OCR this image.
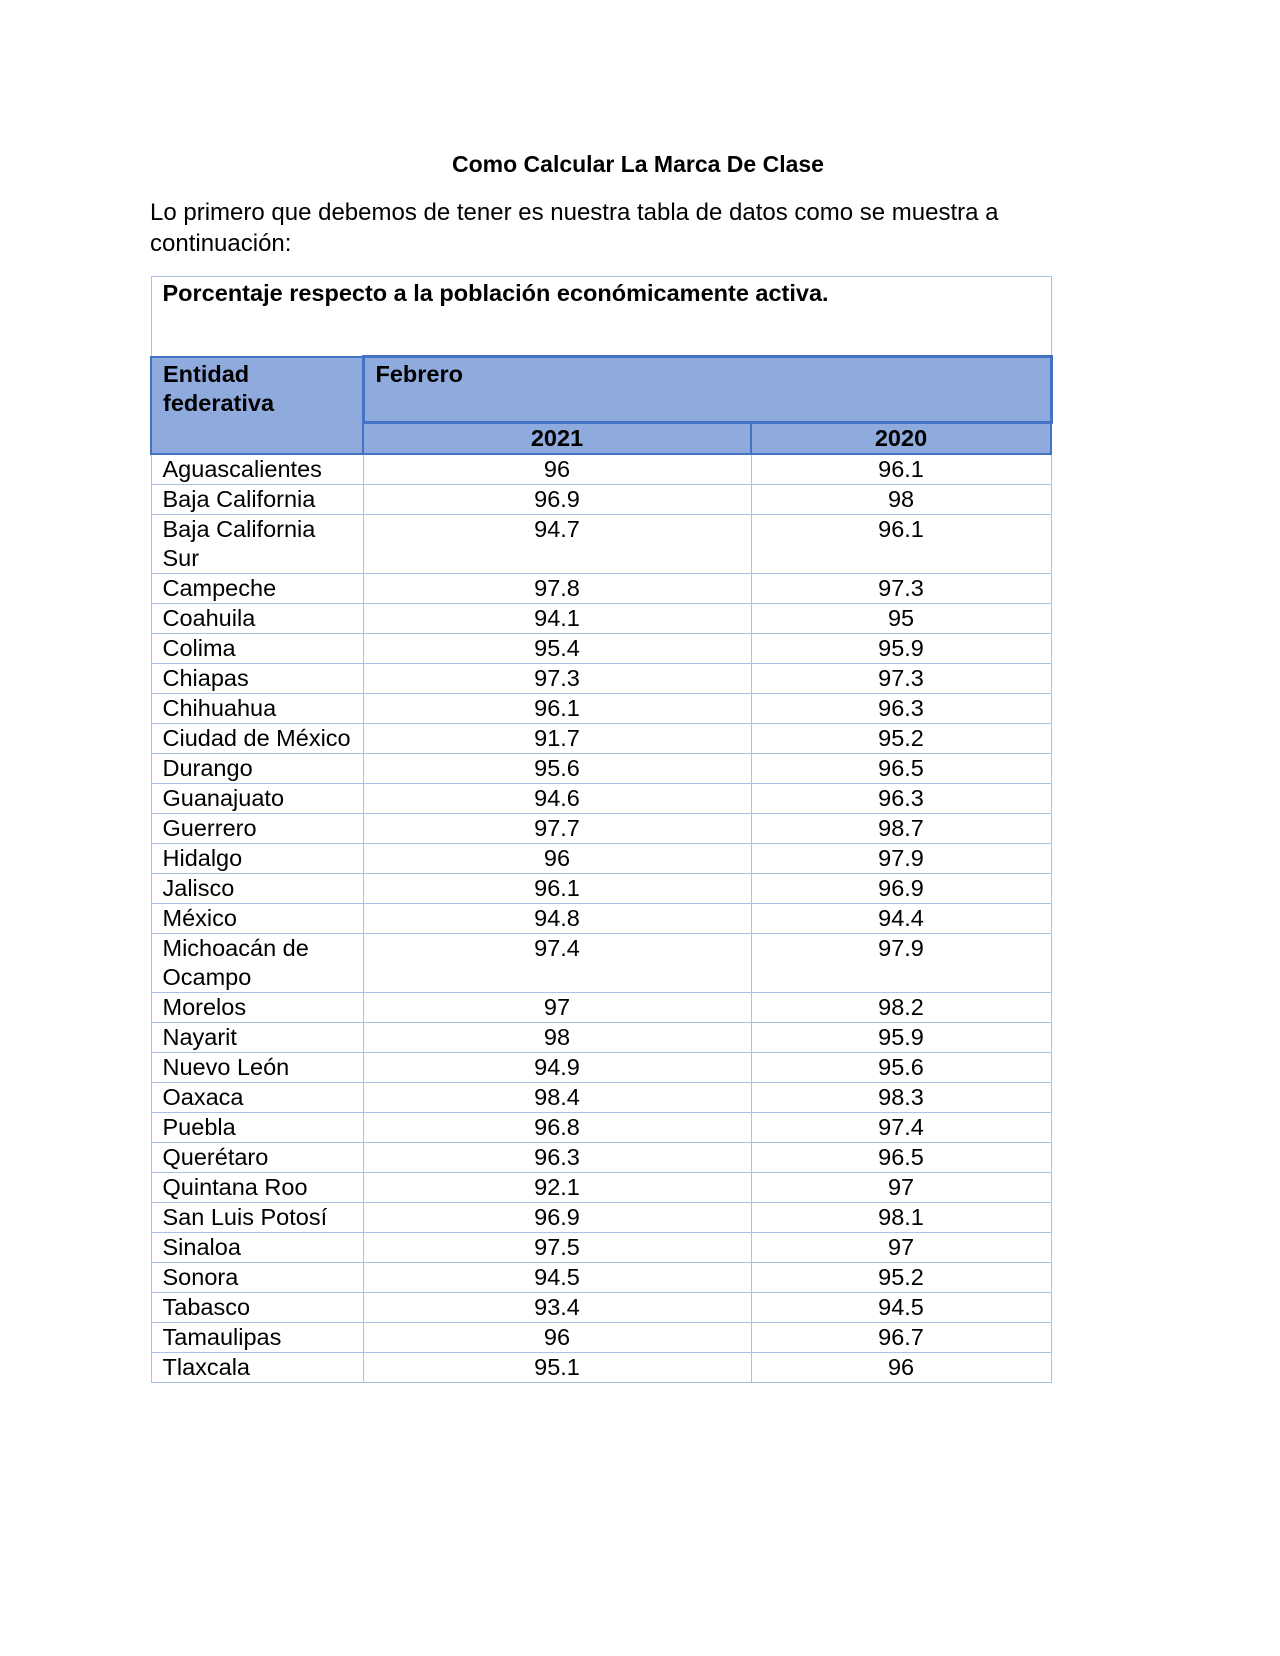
Como Calcular La Marca De Clase
Lo primero que debemos de tener es nuestra tabla de datos como se muestra a continuación:
Porcentaje respecto a la población económicamente activa.		
Entidad federativa	Febrero	
	2021	2020
Aguascalientes	96	96.1
Baja California	96.9	98
Baja California Sur	94.7	96.1
Campeche	97.8	97.3
Coahuila	94.1	95
Colima	95.4	95.9
Chiapas	97.3	97.3
Chihuahua	96.1	96.3
Ciudad de México	91.7	95.2
Durango	95.6	96.5
Guanajuato	94.6	96.3
Guerrero	97.7	98.7
Hidalgo	96	97.9
Jalisco	96.1	96.9
México	94.8	94.4
Michoacán de Ocampo	97.4	97.9
Morelos	97	98.2
Nayarit	98	95.9
Nuevo León	94.9	95.6
Oaxaca	98.4	98.3
Puebla	96.8	97.4
Querétaro	96.3	96.5
Quintana Roo	92.1	97
San Luis Potosí	96.9	98.1
Sinaloa	97.5	97
Sonora	94.5	95.2
Tabasco	93.4	94.5
Tamaulipas	96	96.7
Tlaxcala	95.1	96
